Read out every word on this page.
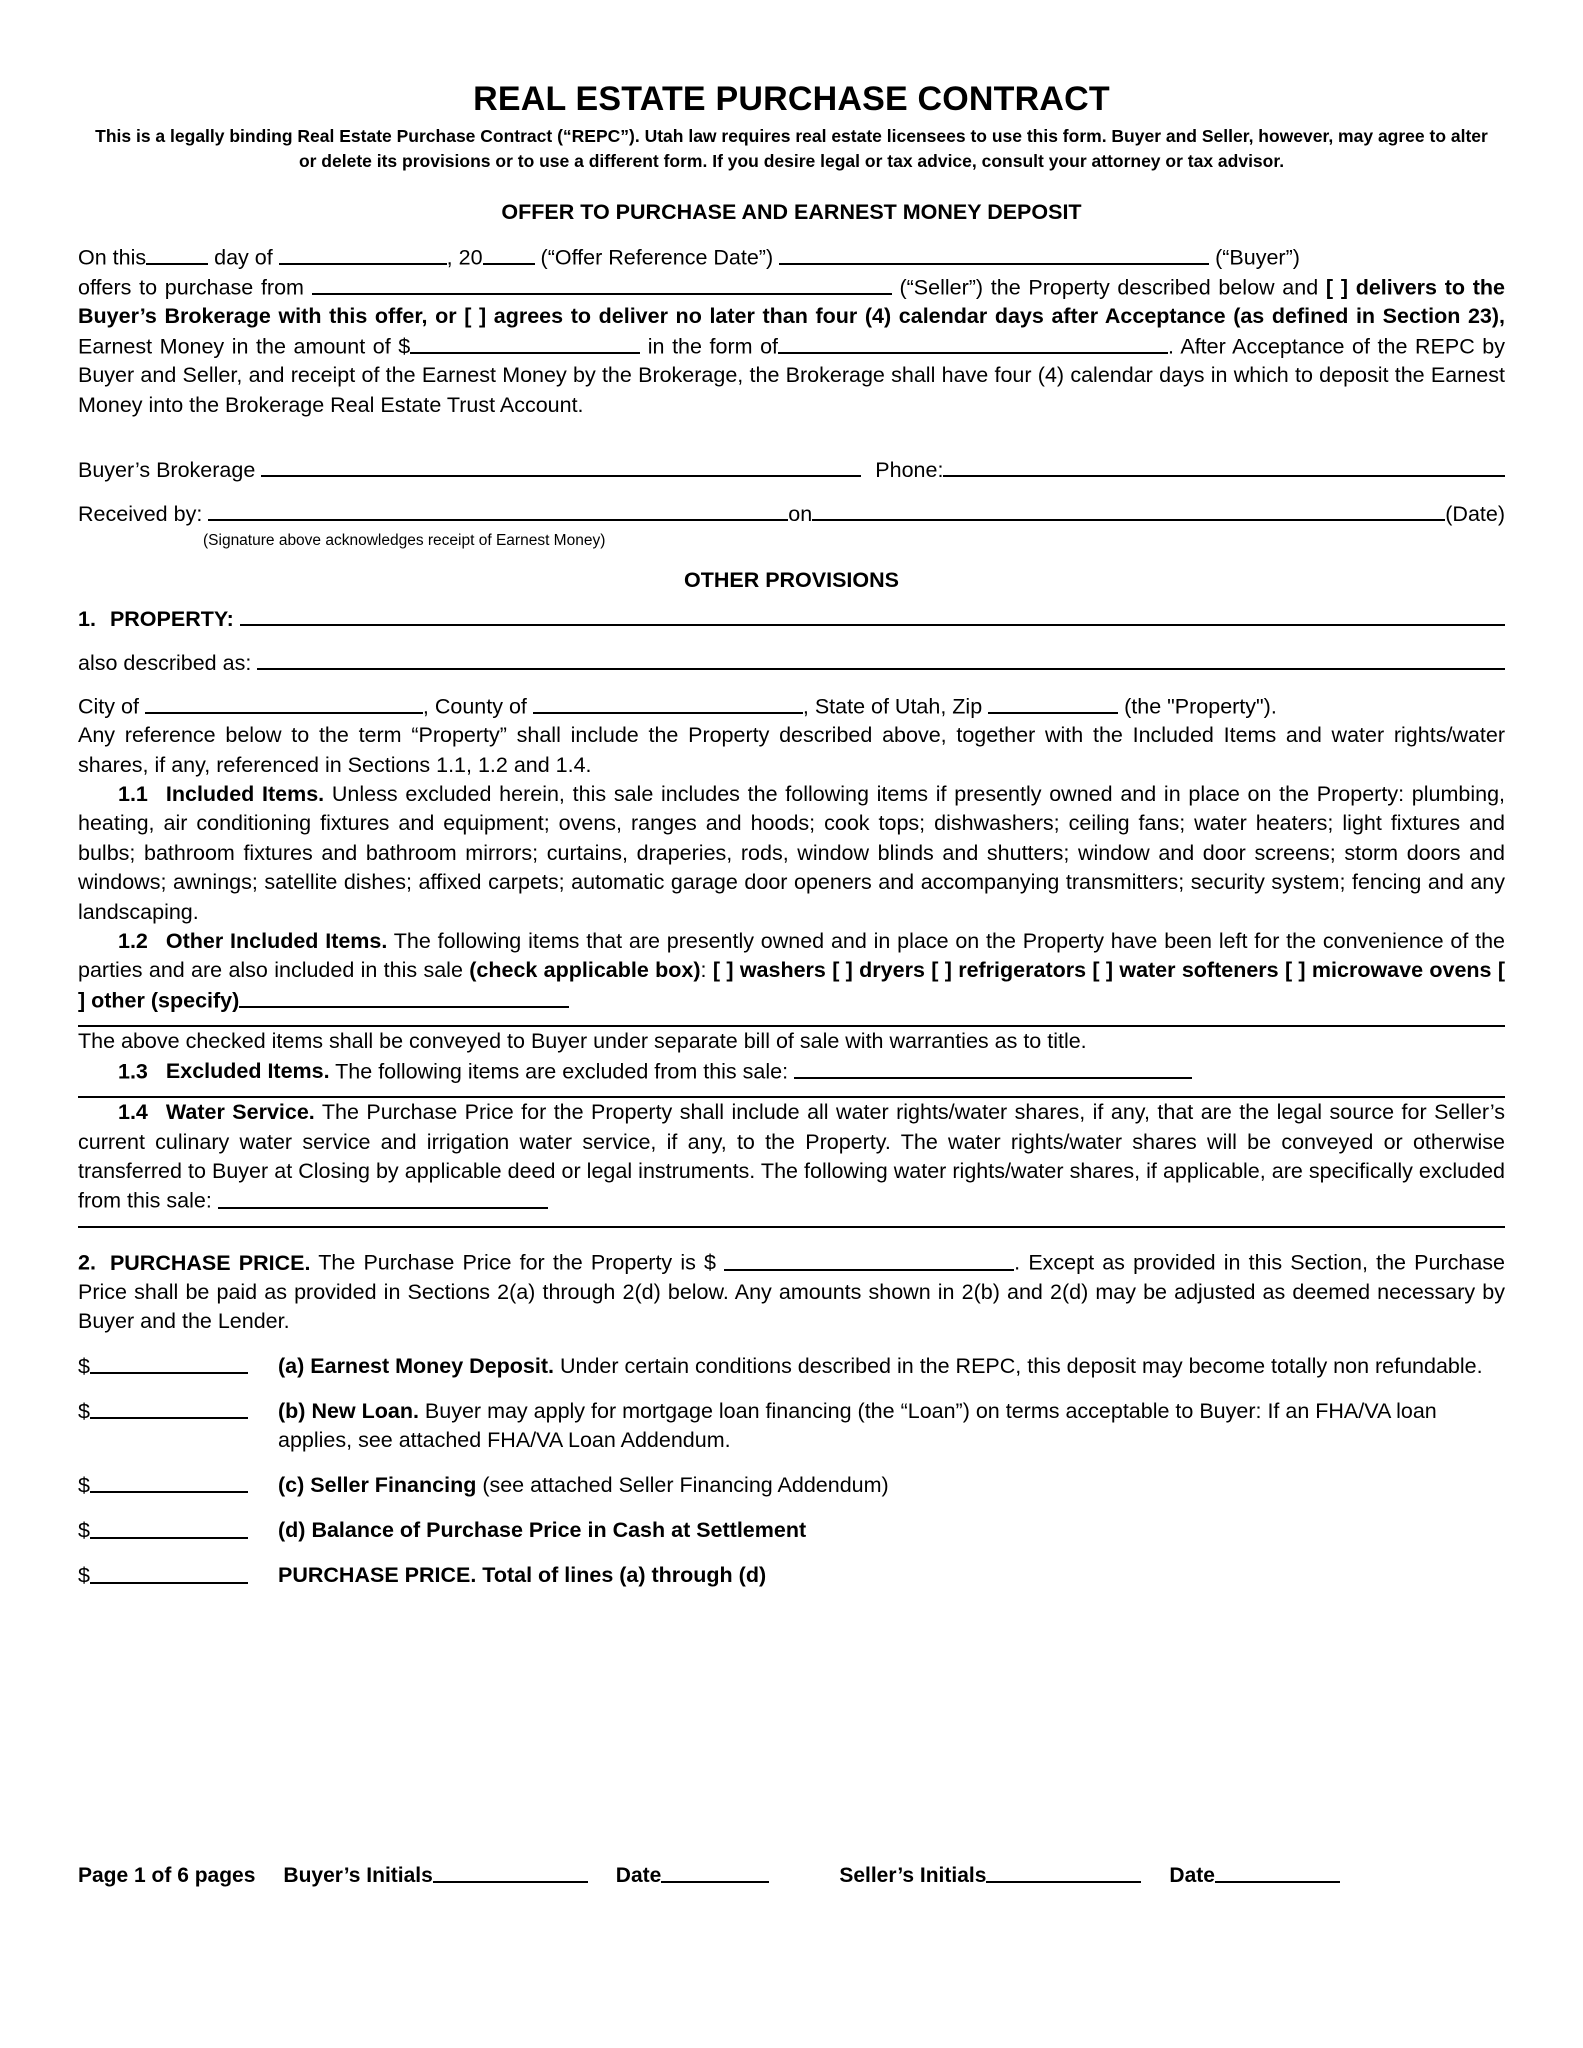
REAL ESTATE PURCHASE CONTRACT
This is a legally binding Real Estate Purchase Contract (“REPC”). Utah law requires real estate licensees to use this form. Buyer and Seller, however, may agree to alter or delete its provisions or to use a different form. If you desire legal or tax advice, consult your attorney or tax advisor.
OFFER TO PURCHASE AND EARNEST MONEY DEPOSIT
On this	day of	, 20	(“Offer Reference Date”)	(“Buyer”)
offers to purchase from	(“Seller”) the Property described below and [ ] delivers to the Buyer’s Brokerage with this offer, or [ ] agrees to deliver no later than four (4) calendar days after Acceptance (as defined in Section 23), Earnest Money in the amount of $	in the form of	. After Acceptance of the REPC by Buyer and Seller, and receipt of the Earnest Money by the Brokerage, the Brokerage shall have four (4) calendar days in which to deposit the Earnest Money into the Brokerage Real Estate Trust Account.
Buyer’s Brokerage	Phone:
Received by:	on	(Date)
(Signature above acknowledges receipt of Earnest Money)
OTHER PROVISIONS
1. PROPERTY:
also described as:
City of	, County of	, State of Utah, Zip	(the "Property").
Any reference below to the term “Property” shall include the Property described above, together with the Included Items and water rights/water shares, if any, referenced in Sections 1.1, 1.2 and 1.4.
1.1 Included Items. Unless excluded herein, this sale includes the following items if presently owned and in place on the Property: plumbing, heating, air conditioning fixtures and equipment; ovens, ranges and hoods; cook tops; dishwashers; ceiling fans; water heaters; light fixtures and bulbs; bathroom fixtures and bathroom mirrors; curtains, draperies, rods, window blinds and shutters; window and door screens; storm doors and windows; awnings; satellite dishes; affixed carpets; automatic garage door openers and accompanying transmitters; security system; fencing and any landscaping.
1.2 Other Included Items. The following items that are presently owned and in place on the Property have been left for the convenience of the parties and are also included in this sale (check applicable box): [ ] washers [ ] dryers [ ] refrigerators [ ] water softeners [ ] microwave ovens [ ] other (specify)
The above checked items shall be conveyed to Buyer under separate bill of sale with warranties as to title.
1.3 Excluded Items. The following items are excluded from this sale:
1.4 Water Service. The Purchase Price for the Property shall include all water rights/water shares, if any, that are the legal source for Seller’s current culinary water service and irrigation water service, if any, to the Property. The water rights/water shares will be conveyed or otherwise transferred to Buyer at Closing by applicable deed or legal instruments. The following water rights/water shares, if applicable, are specifically excluded from this sale:
2. PURCHASE PRICE. The Purchase Price for the Property is $	. Except as provided in this Section, the Purchase Price shall be paid as provided in Sections 2(a) through 2(d) below. Any amounts shown in 2(b) and 2(d) may be adjusted as deemed necessary by Buyer and the Lender.
$	(a) Earnest Money Deposit. Under certain conditions described in the REPC, this deposit may become totally non refundable.
$	(b) New Loan. Buyer may apply for mortgage loan financing (the “Loan”) on terms acceptable to Buyer: If an FHA/VA loan applies, see attached FHA/VA Loan Addendum.
$	(c) Seller Financing (see attached Seller Financing Addendum)
$	(d) Balance of Purchase Price in Cash at Settlement
$	PURCHASE PRICE. Total of lines (a) through (d)
Page 1 of 6 pages Buyer’s Initials	Date	Seller’s Initials	Date
